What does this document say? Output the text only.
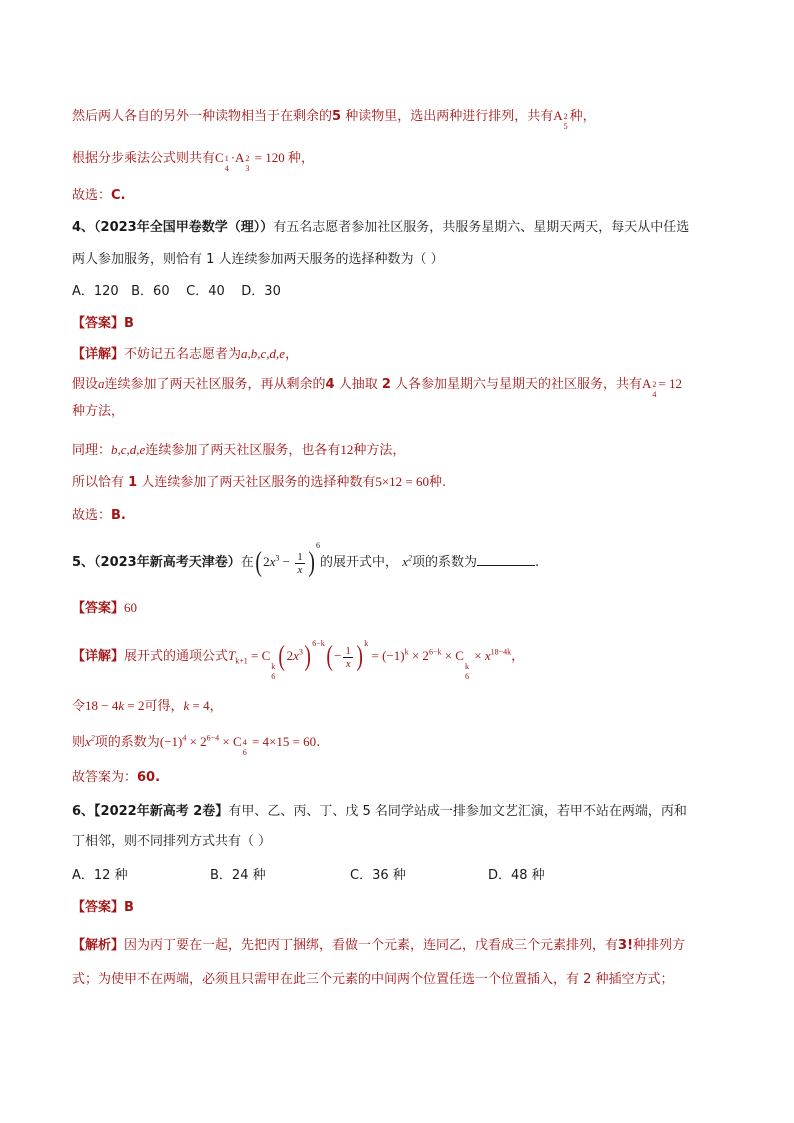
然后两人各自的另外一种读物相当于在剩余的5 种读物里，选出两种进行排列，共有A 2
5
种，
根据分步乘法公式则共有C 1
4
·A 2
3
= 120 种，
故选：C.
4、（2023年全国甲卷数学（理））有五名志愿者参加社区服务，共服务星期六、星期天两天，每天从中任选
两人参加服务，则恰有 1 人连续参加两天服务的选择种数为（ ）
A．120 B．60 C．40 D．30
【答案】B
【详解】不妨记五名志愿者为a,b,c,d,e，
假设a连续参加了两天社区服务，再从剩余的4 人抽取 2 人各参加星期六与星期天的社区服务，共有A 2
4
= 12
种方法，
同理：b,c,d,e连续参加了两天社区服务，也各有12种方法，
所以恰有 1 人连续参加了两天社区服务的选择种数有5×12 = 60种.
故选：B.
5、（2023年新高考天津卷）在$(2x^3 - \frac{1}{x} )^6$的展开式中， $x^2$项的系数为	.
【答案】60
【详解】展开式的通项公式$T_{k+1} = C$
k
6
$(2x^3)^{6-k}(- \frac{1}{x} )^k = (-1)^k \times 2^{6-k} \times C$
k
6
× $x^{18-4k}$，
令18 − 4k = 2可得，k = 4，
则$x^2$项的系数为$(-1)^4 \times 2^{6-4} \times C$ 4
6
= 4×15 = 60.
故答案为：60.
6、【2022年新高考 2卷】有甲、乙、丙、丁、戊 5 名同学站成一排参加文艺汇演，若甲不站在两端，丙和
丁相邻，则不同排列方式共有（ ）
A．12 种	B．24 种	C．36 种	D．48 种
【答案】B
【解析】因为丙丁要在一起，先把丙丁捆绑，看做一个元素，连同乙，戊看成三个元素排列，有3!种排列方
式；为使甲不在两端，必须且只需甲在此三个元素的中间两个位置任选一个位置插入，有 2 种插空方式；
